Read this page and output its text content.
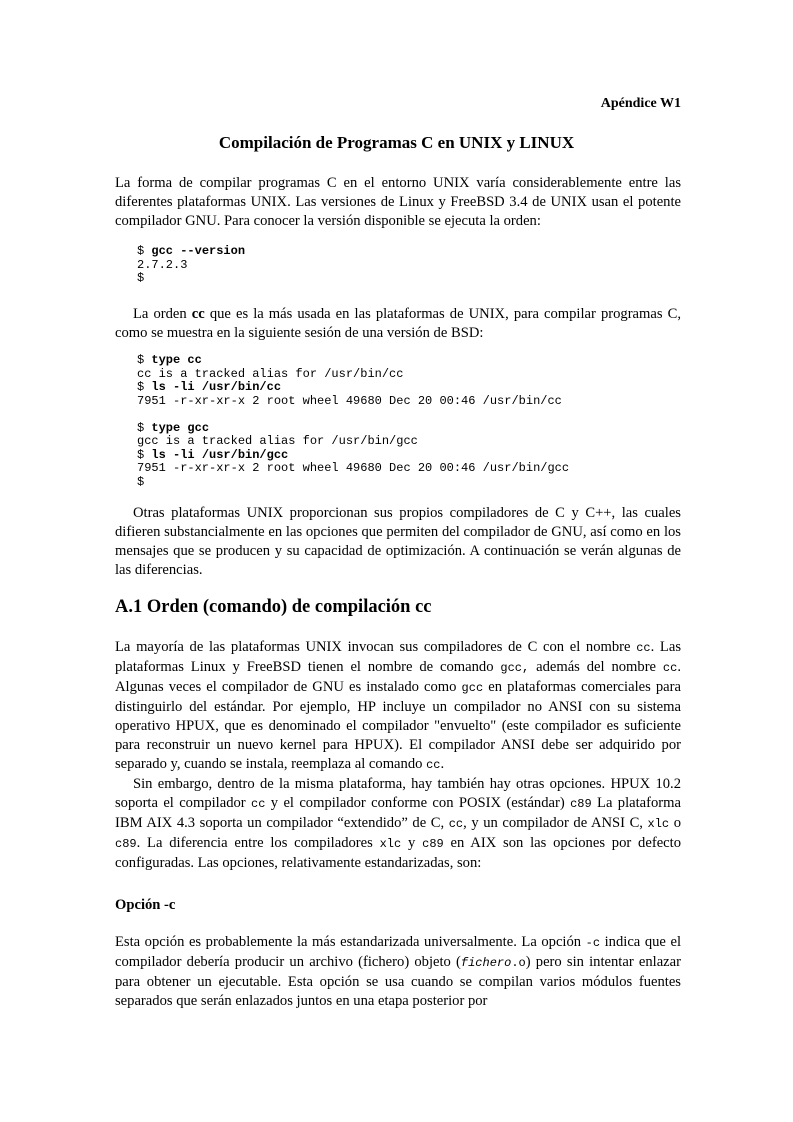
Apéndice W1
Compilación de Programas C en UNIX y LINUX

La forma de compilar programas C en el entorno UNIX varía considerablemente entre las diferentes plataformas UNIX. Las versiones de Linux y FreeBSD 3.4 de UNIX usan el potente compilador GNU. Para conocer la versión disponible se ejecuta la orden:

$ gcc --version
2.7.2.3
$

La orden cc que es la más usada en las plataformas de UNIX, para compilar programas C, como se muestra en la siguiente sesión de una versión de BSD:

$ type cc
cc is a tracked alias for /usr/bin/cc
$ ls -li /usr/bin/cc
7951 -r-xr-xr-x 2 root wheel 49680 Dec 20 00:46 /usr/bin/cc

$ type gcc
gcc is a tracked alias for /usr/bin/gcc
$ ls -li /usr/bin/gcc
7951 -r-xr-xr-x 2 root wheel 49680 Dec 20 00:46 /usr/bin/gcc
$

Otras plataformas UNIX proporcionan sus propios compiladores de C y C++, las cuales difieren substancialmente en las opciones que permiten del compilador de GNU, así como en los mensajes que se producen y su capacidad de optimización. A continuación se verán algunas de las diferencias.

A.1 Orden (comando) de compilación cc

La mayoría de las plataformas UNIX invocan sus compiladores de C con el nombre cc. Las plataformas Linux y FreeBSD tienen el nombre de comando gcc, además del nombre cc. Algunas veces el compilador de GNU es instalado como gcc en plataformas comerciales para distinguirlo del estándar. Por ejemplo, HP incluye un compilador no ANSI con su sistema operativo HPUX, que es denominado el compilador "envuelto" (este compilador es suficiente para reconstruir un nuevo kernel para HPUX). El compilador ANSI debe ser adquirido por separado y, cuando se instala, reemplaza al comando cc.

Sin embargo, dentro de la misma plataforma, hay también hay otras opciones. HPUX 10.2 soporta el compilador cc y el compilador conforme con POSIX (estándar) c89 La plataforma IBM AIX 4.3 soporta un compilador “extendido” de C, cc, y un compilador de ANSI C, xlc o c89. La diferencia entre los compiladores xlc y c89 en AIX son las opciones por defecto configuradas. Las opciones, relativamente estandarizadas, son:

Opción -c

Esta opción es probablemente la más estandarizada universalmente. La opción -c indica que el compilador debería producir un archivo (fichero) objeto (fichero.o) pero sin intentar enlazar para obtener un ejecutable. Esta opción se usa cuando se compilan varios módulos fuentes separados que serán enlazados juntos en una etapa posterior por
